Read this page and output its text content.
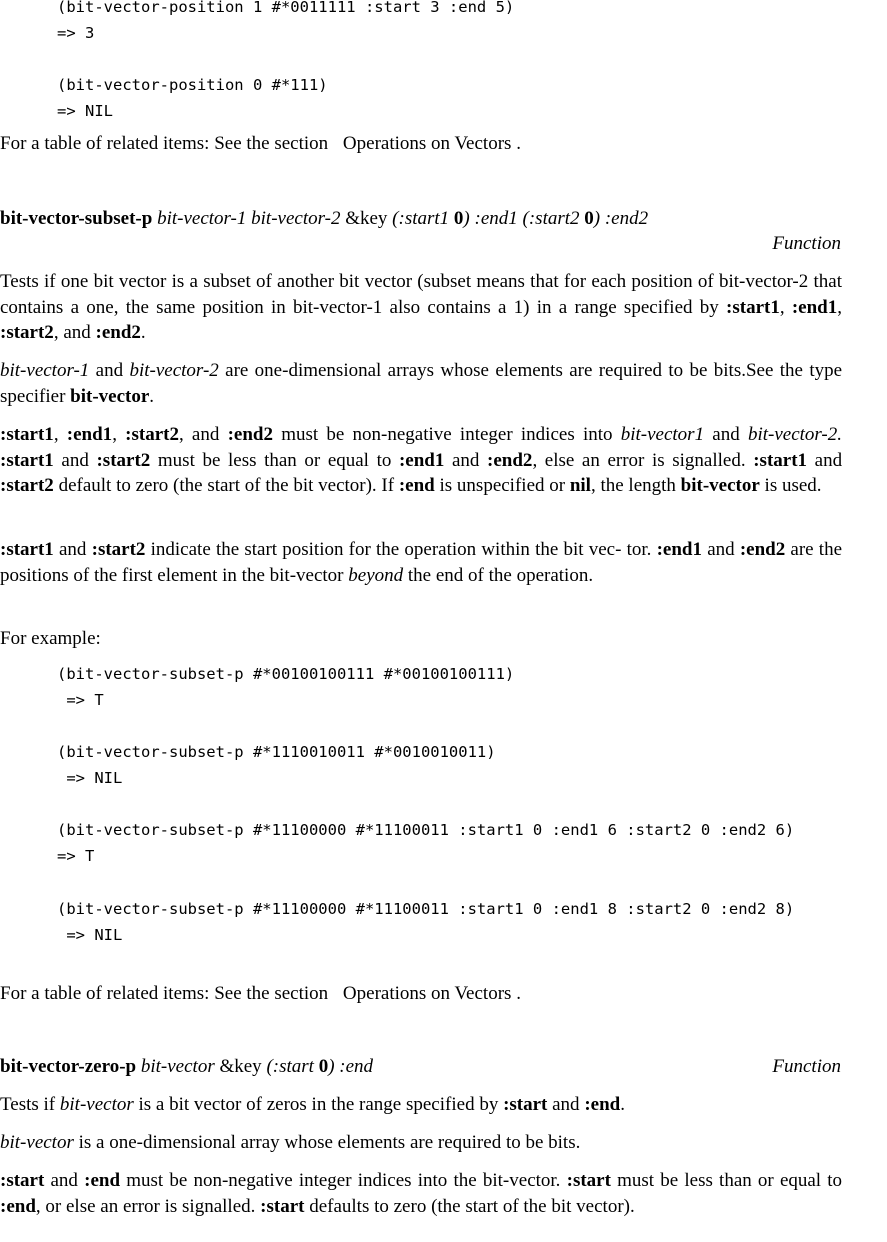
(bit-vector-position 1 #*0011111 :start 3 :end 5)
=> 3
(bit-vector-position 0 #*111)
=> NIL

For a table of related items: See the section Operations on Vectors .

bit-vector-subset-p bit-vector-1 bit-vector-2 &key (:start1 0) :end1 (:start2 0) :end2

Function

Tests if one bit vector is a subset of another bit vector (subset means that for each position of bit-vector-2 that contains a one, the same position in bit-vector-1 also contains a 1) in a range specified by :start1, :end1, :start2, and :end2.

bit-vector-1 and bit-vector-2 are one-dimensional arrays whose elements are required to be bits.See the type specifier bit-vector.

:start1, :end1, :start2, and :end2 must be non-negative integer indices into bit-vector1 and bit-vector-2. :start1 and :start2 must be less than or equal to :end1 and :end2, else an error is signalled. :start1 and :start2 default to zero (the start of the bit vector). If :end is unspecified or nil, the length bit-vector is used.

:start1 and :start2 indicate the start position for the operation within the bit vec- tor. :end1 and :end2 are the positions of the first element in the bit-vector beyond the end of the operation.

For example:

(bit-vector-subset-p #*00100100111 #*00100100111)
=> T
(bit-vector-subset-p #*1110010011 #*0010010011)
=> NIL
(bit-vector-subset-p #*11100000 #*11100011 :start1 0 :end1 6 :start2 0 :end2 6)
=> T
(bit-vector-subset-p #*11100000 #*11100011 :start1 0 :end1 8 :start2 0 :end2 8)
=> NIL

For a table of related items: See the section Operations on Vectors .

bit-vector-zero-p bit-vector &key (:start 0) :end	Function

Tests if bit-vector is a bit vector of zeros in the range specified by :start and :end.

bit-vector is a one-dimensional array whose elements are required to be bits.

:start and :end must be non-negative integer indices into the bit-vector. :start must be less than or equal to :end, or else an error is signalled. :start defaults to zero (the start of the bit vector).
